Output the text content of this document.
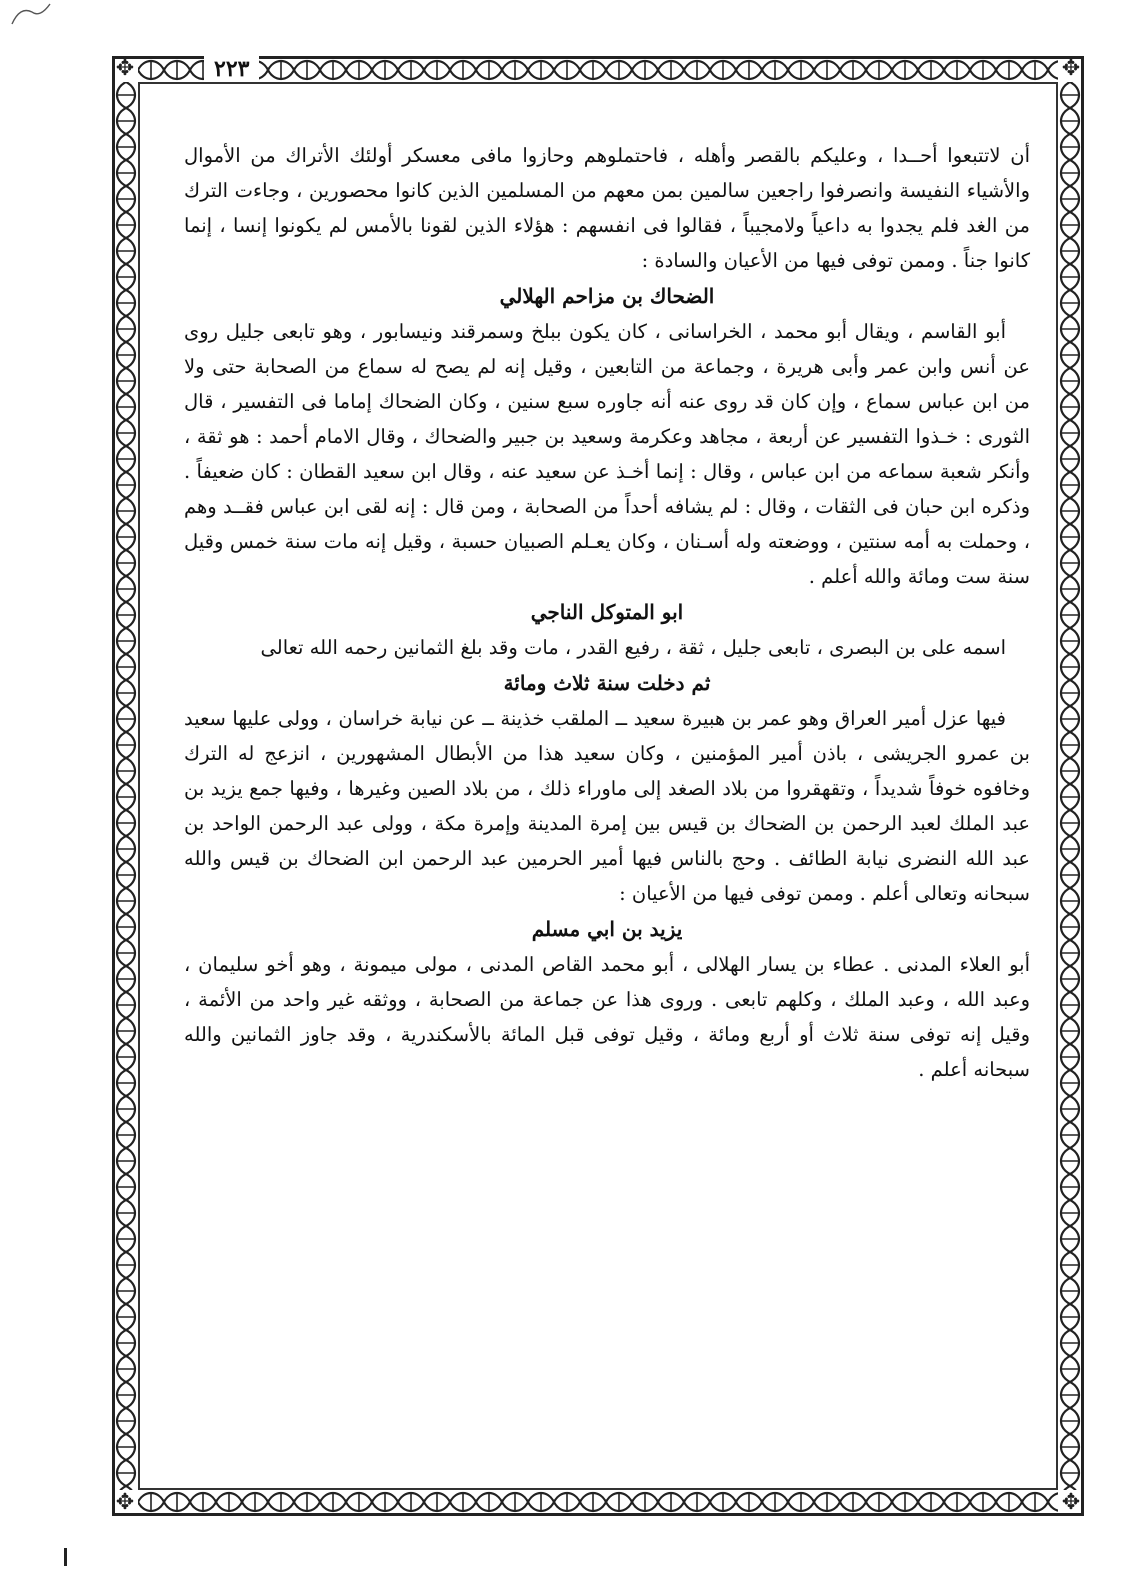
✥	✥
✥	✥
٢٢٣

أن لاتتبعوا أحــدا ، وعليكم بالقصر وأهله ، فاحتملوهم وحازوا مافى معسكر أولئك الأتراك من الأموال والأشياء النفيسة وانصرفوا راجعين سالمين بمن معهم من المسلمين الذين كانوا محصورين ، وجاءت الترك من الغد فلم يجدوا به داعياً ولامجيباً ، فقالوا فى انفسهم : هؤلاء الذين لقونا بالأمس لم يكونوا إنسا ، إنما كانوا جناً . وممن توفى فيها من الأعيان والسادة :

الضحاك بن مزاحم الهلالي

أبو القاسم ، ويقال أبو محمد ، الخراسانى ، كان يكون ببلخ وسمرقند ونيسابور ، وهو تابعى جليل روى عن أنس وابن عمر وأبى هريرة ، وجماعة من التابعين ، وقيل إنه لم يصح له سماع من الصحابة حتى ولا من ابن عباس سماع ، وإن كان قد روى عنه أنه جاوره سبع سنين ، وكان الضحاك إماما فى التفسير ، قال الثورى : خـذوا التفسير عن أربعة ، مجاهد وعكرمة وسعيد بن جبير والضحاك ، وقال الامام أحمد : هو ثقة ، وأنكر شعبة سماعه من ابن عباس ، وقال : إنما أخـذ عن سعيد عنه ، وقال ابن سعيد القطان : كان ضعيفاً . وذكره ابن حبان فى الثقات ، وقال : لم يشافه أحداً من الصحابة ، ومن قال : إنه لقى ابن عباس فقــد وهم ، وحملت به أمه سنتين ، ووضعته وله أسـنان ، وكان يعـلم الصبيان حسبة ، وقيل إنه مات سنة خمس وقيل سنة ست ومائة والله أعلم .

ابو المتوكل الناجي

اسمه على بن البصرى ، تابعى جليل ، ثقة ، رفيع القدر ، مات وقد بلغ الثمانين رحمه الله تعالى

ثم دخلت سنة ثلاث ومائة

فيها عزل أمير العراق وهو عمر بن هبيرة سعيد ــ الملقب خذينة ــ عن نيابة خراسان ، وولى عليها سعيد بن عمرو الجريشى ، باذن أمير المؤمنين ، وكان سعيد هذا من الأبطال المشهورين ، انزعج له الترك وخافوه خوفاً شديداً ، وتقهقروا من بلاد الصغد إلى ماوراء ذلك ، من بلاد الصين وغيرها ، وفيها جمع يزيد بن عبد الملك لعبد الرحمن بن الضحاك بن قيس بين إمرة المدينة وإمرة مكة ، وولى عبد الرحمن الواحد بن عبد الله النضرى نيابة الطائف . وحج بالناس فيها أمير الحرمين عبد الرحمن ابن الضحاك بن قيس والله سبحانه وتعالى أعلم . وممن توفى فيها من الأعيان :

يزيد بن ابي مسلم

أبو العلاء المدنى . عطاء بن يسار الهلالى ، أبو محمد القاص المدنى ، مولى ميمونة ، وهو أخو سليمان ، وعبد الله ، وعبد الملك ، وكلهم تابعى . وروى هذا عن جماعة من الصحابة ، ووثقه غير واحد من الأئمة ، وقيل إنه توفى سنة ثلاث أو أربع ومائة ، وقيل توفى قبل المائة بالأسكندرية ، وقد جاوز الثمانين والله سبحانه أعلم .
